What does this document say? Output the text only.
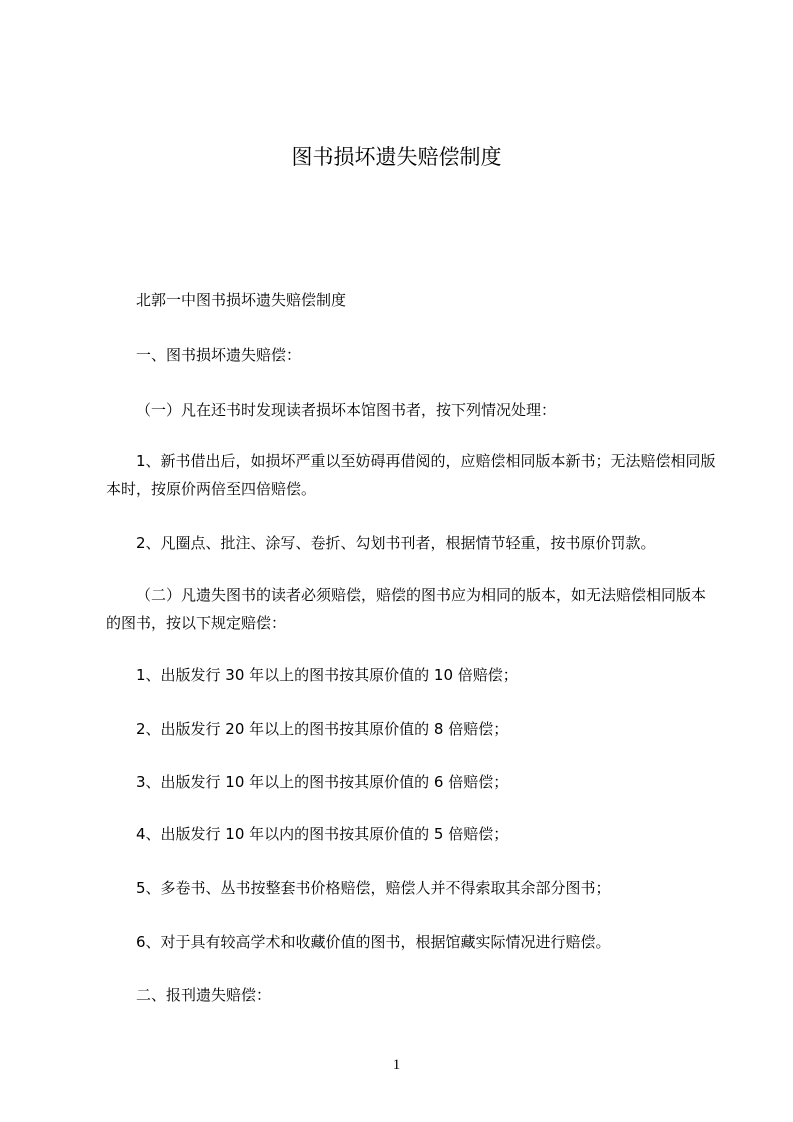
图书损坏遗失赔偿制度
北郭一中图书损坏遗失赔偿制度
一、图书损坏遗失赔偿：
（一）凡在还书时发现读者损坏本馆图书者，按下列情况处理：
1、新书借出后，如损坏严重以至妨碍再借阅的，应赔偿相同版本新书；无法赔偿相同版本时，按原价两倍至四倍赔偿。
2、凡圈点、批注、涂写、卷折、勾划书刊者，根据情节轻重，按书原价罚款。
（二）凡遗失图书的读者必须赔偿，赔偿的图书应为相同的版本，如无法赔偿相同版本的图书，按以下规定赔偿：
1、出版发行 30 年以上的图书按其原价值的 10 倍赔偿；
2、出版发行 20 年以上的图书按其原价值的 8 倍赔偿；
3、出版发行 10 年以上的图书按其原价值的 6 倍赔偿；
4、出版发行 10 年以内的图书按其原价值的 5 倍赔偿；
5、多卷书、丛书按整套书价格赔偿，赔偿人并不得索取其余部分图书；
6、对于具有较高学术和收藏价值的图书，根据馆藏实际情况进行赔偿。
二、报刊遗失赔偿：
1
